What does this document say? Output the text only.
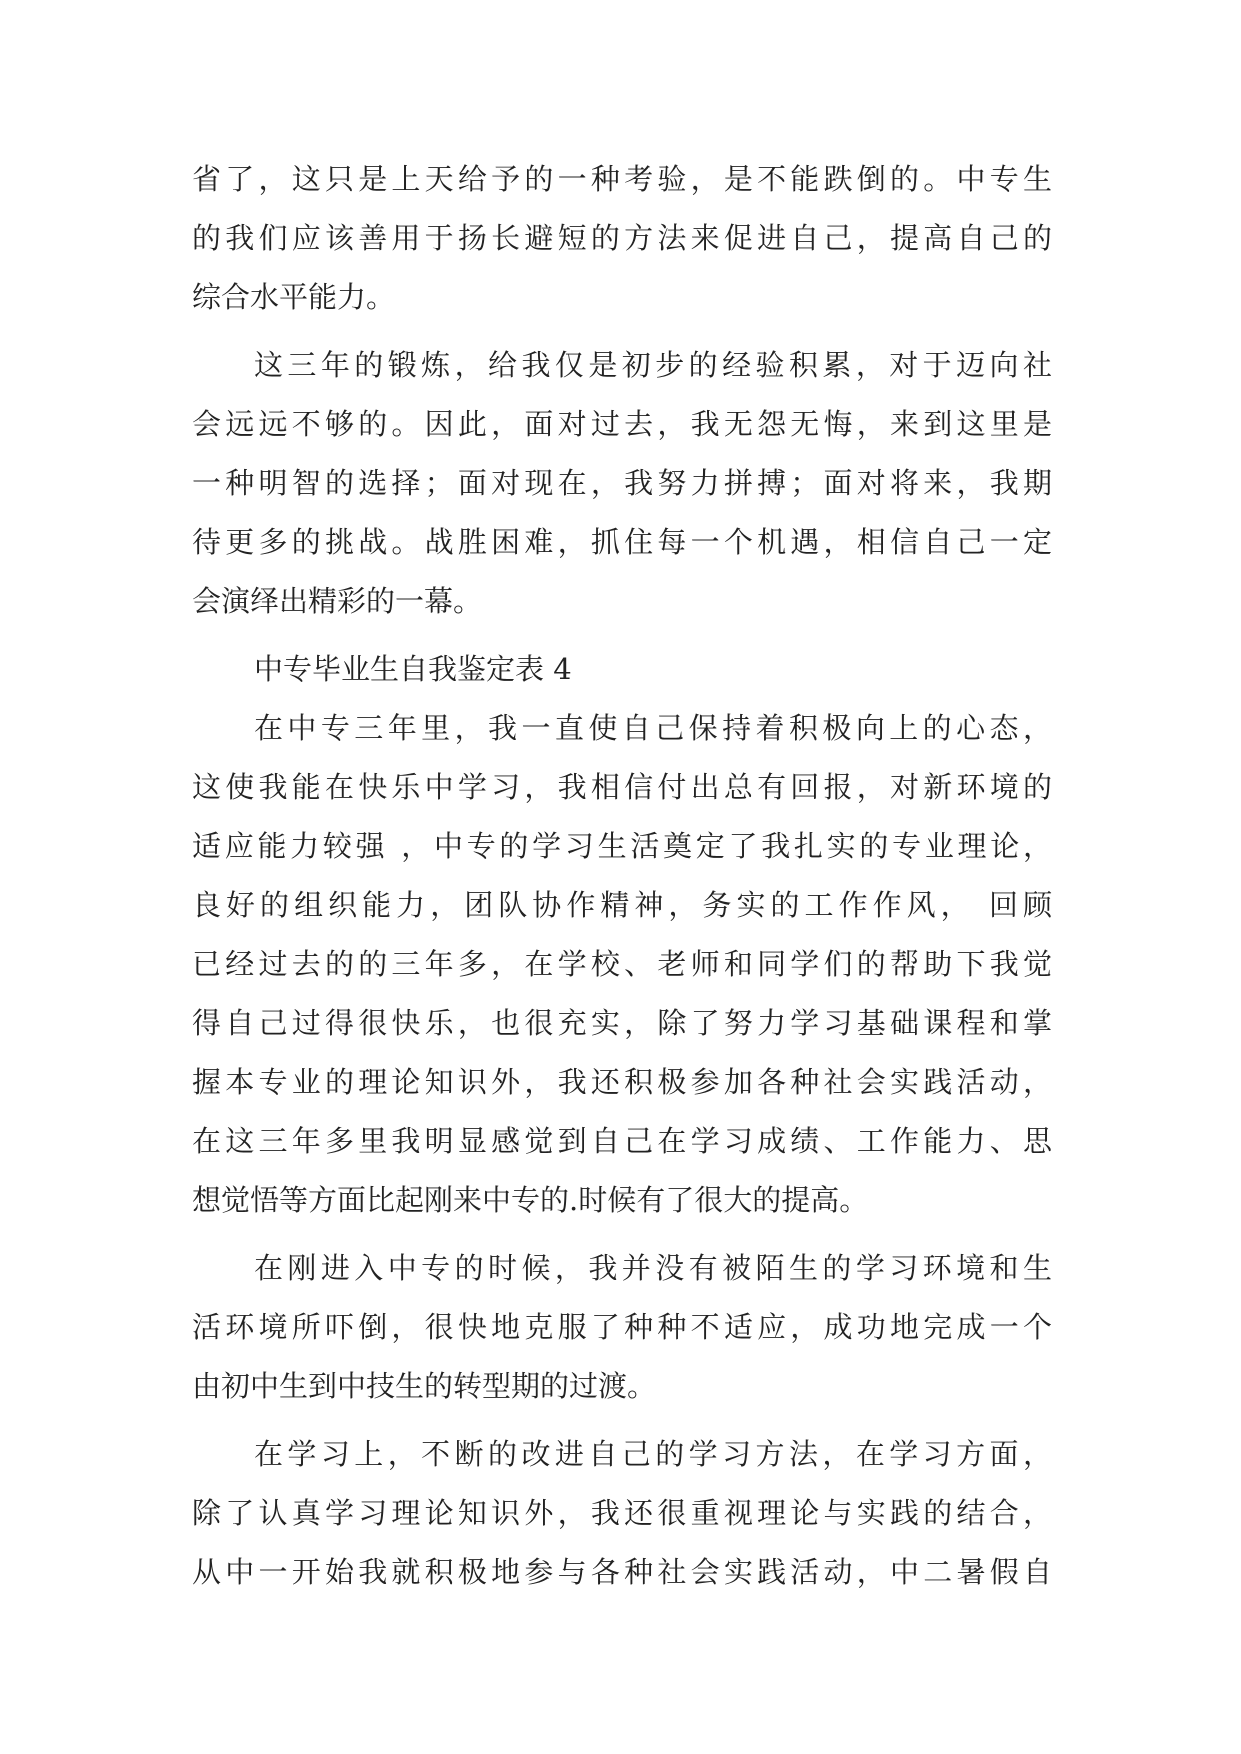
省了，这只是上天给予的一种考验，是不能跌倒的。中专生
的我们应该善用于扬长避短的方法来促进自己，提高自己的
综合水平能力。
这三年的锻炼，给我仅是初步的经验积累，对于迈向社
会远远不够的。因此，面对过去，我无怨无悔，来到这里是
一种明智的选择；面对现在，我努力拼搏；面对将来，我期
待更多的挑战。战胜困难，抓住每一个机遇，相信自己一定
会演绎出精彩的一幕。
中专毕业生自我鉴定表 4
在中专三年里，我一直使自己保持着积极向上的心态，
这使我能在快乐中学习，我相信付出总有回报，对新环境的
适应能力较强 ，中专的学习生活奠定了我扎实的专业理论，
良好的组织能力，团队协作精神，务实的工作作风， 回顾
已经过去的的三年多，在学校、老师和同学们的帮助下我觉
得自己过得很快乐，也很充实，除了努力学习基础课程和掌
握本专业的理论知识外，我还积极参加各种社会实践活动，
在这三年多里我明显感觉到自己在学习成绩、工作能力、思
想觉悟等方面比起刚来中专的.时候有了很大的提高。
在刚进入中专的时候，我并没有被陌生的学习环境和生
活环境所吓倒，很快地克服了种种不适应，成功地完成一个
由初中生到中技生的转型期的过渡。
在学习上，不断的改进自己的学习方法，在学习方面，
除了认真学习理论知识外，我还很重视理论与实践的结合，
从中一开始我就积极地参与各种社会实践活动，中二暑假自
